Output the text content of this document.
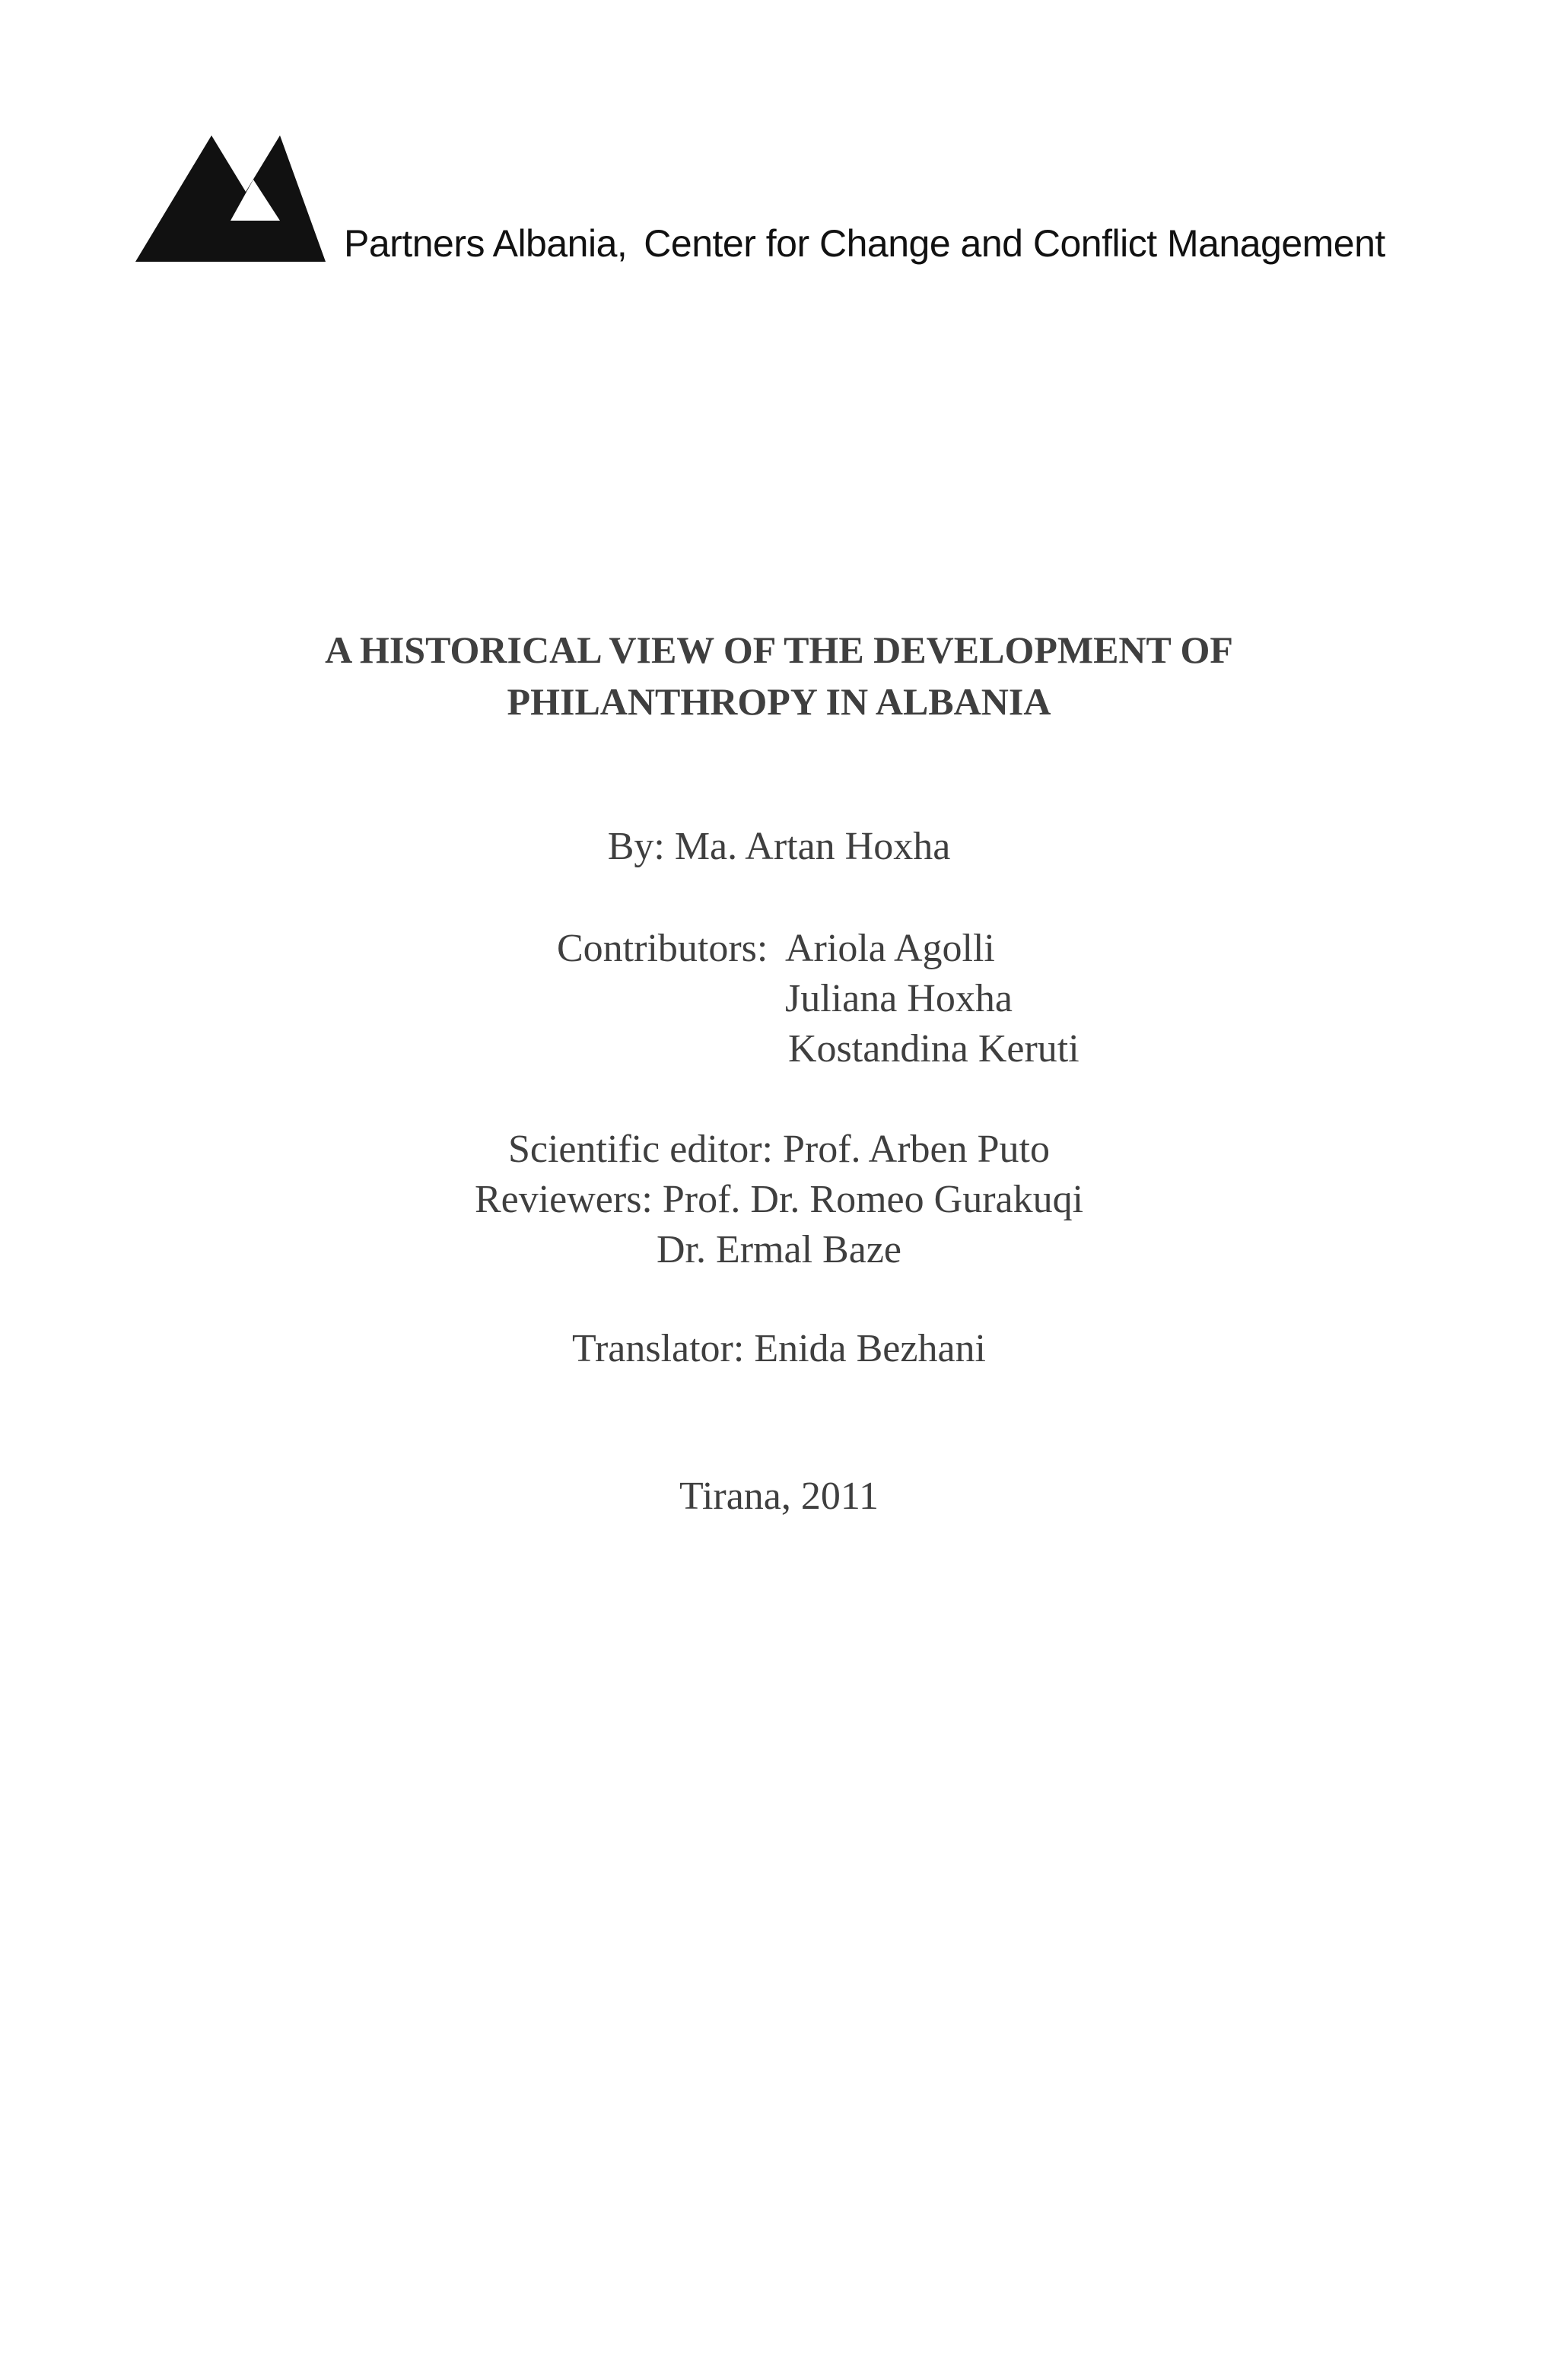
Partners Albania, Center for Change and Conflict Management
A HISTORICAL VIEW OF THE DEVELOPMENT OF
PHILANTHROPY IN ALBANIA
By: Ma. Artan Hoxha
Contributors: Ariola Agolli
Juliana Hoxha
Kostandina Keruti
Scientific editor: Prof. Arben Puto
Reviewers: Prof. Dr. Romeo Gurakuqi
Dr. Ermal Baze
Translator: Enida Bezhani
Tirana, 2011
